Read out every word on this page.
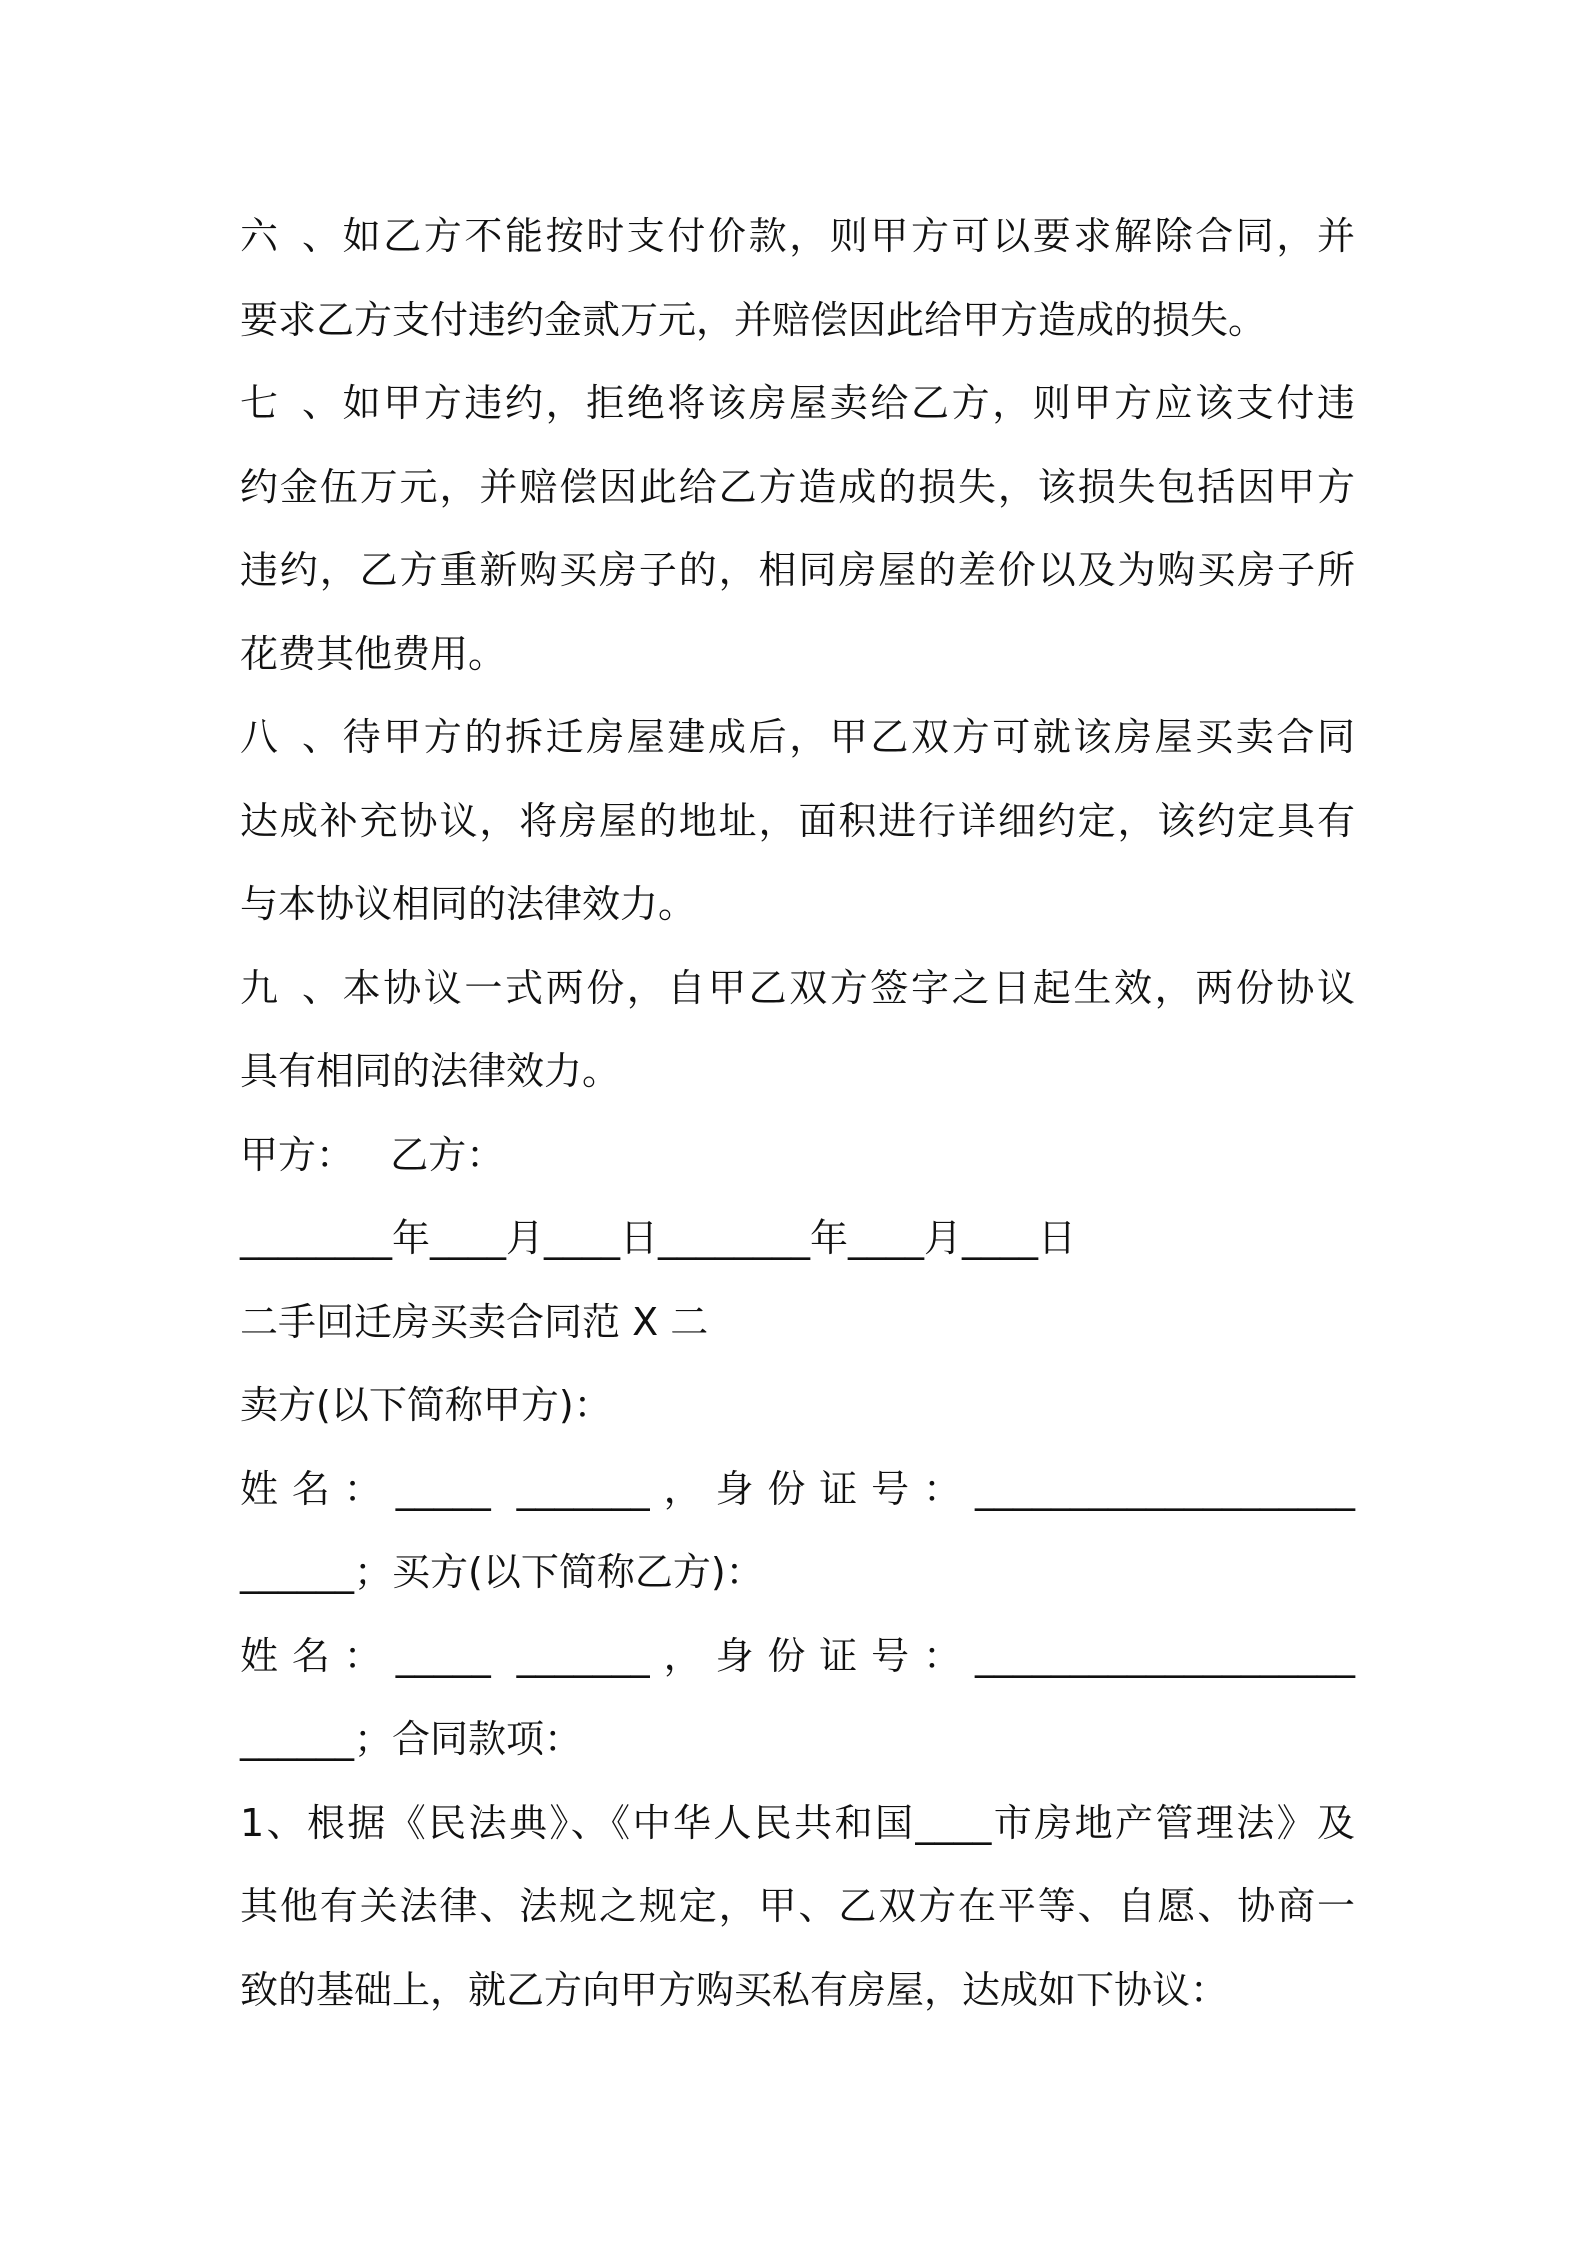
六、如乙方不能按时支付价款，则甲方可以要求解除合同，并
要求乙方支付违约金贰万元，并赔偿因此给甲方造成的损失。
七、如甲方违约，拒绝将该房屋卖给乙方，则甲方应该支付违
约金伍万元，并赔偿因此给乙方造成的损失，该损失包括因甲方
违约，乙方重新购买房子的，相同房屋的差价以及为购买房子所
花费其他费用。
八、待甲方的拆迁房屋建成后，甲乙双方可就该房屋买卖合同
达成补充协议，将房屋的地址，面积进行详细约定，该约定具有
与本协议相同的法律效力。
九、本协议一式两份，自甲乙双方签字之日起生效，两份协议
具有相同的法律效力。
甲方：   乙方：
________年____月____日________年____月____日
二手回迁房买卖合同范 X 二
卖方(以下简称甲方)：
姓名：_____ _______，身份证号：____________________
______；买方(以下简称乙方)：
姓名：_____ _______，身份证号：____________________
______；合同款项：
1、根据《民法典》、《中华人民共和国____市房地产管理法》及
其他有关法律、法规之规定，甲、乙双方在平等、自愿、协商一
致的基础上，就乙方向甲方购买私有房屋，达成如下协议：
